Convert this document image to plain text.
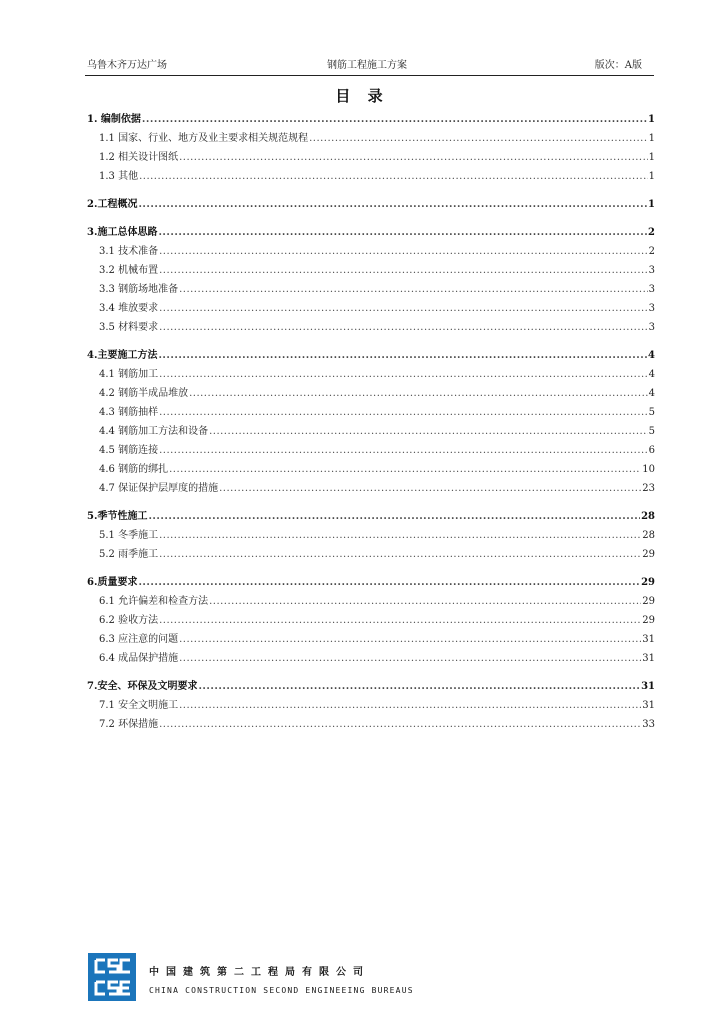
乌鲁木齐万达广场	钢筋工程施工方案	版次：A版
目 录
1. 编制依据 .....	1
1.1 国家、行业、地方及业主要求相关规范规程 .....	1
1.2 相关设计图纸 .....	1
1.3 其他 .....	1
2.工程概况 .....	1
3.施工总体思路 .....	2
3.1 技术准备 .....	2
3.2 机械布置 .....	3
3.3 钢筋场地准备 .....	3
3.4 堆放要求 .....	3
3.5 材料要求 .....	3
4.主要施工方法 .....	4
4.1 钢筋加工 .....	4
4.2 钢筋半成品堆放 .....	4
4.3 钢筋抽样 .....	5
4.4 钢筋加工方法和设备 .....	5
4.5 钢筋连接 .....	6
4.6 钢筋的绑扎 .....	10
4.7 保证保护层厚度的措施 .....	23
5.季节性施工 .....	28
5.1 冬季施工 .....	28
5.2 雨季施工 .....	29
6.质量要求 .....	29
6.1 允许偏差和检查方法 .....	29
6.2 验收方法 .....	29
6.3 应注意的问题 .....	31
6.4 成品保护措施 .....	31
7.安全、环保及文明要求 .....	31
7.1 安全文明施工 .....	31
7.2 环保措施 .....	33
中国建筑第二工程局有限公司
CHINA CONSTRUCTION SECOND ENGINEEING BUREAUS
